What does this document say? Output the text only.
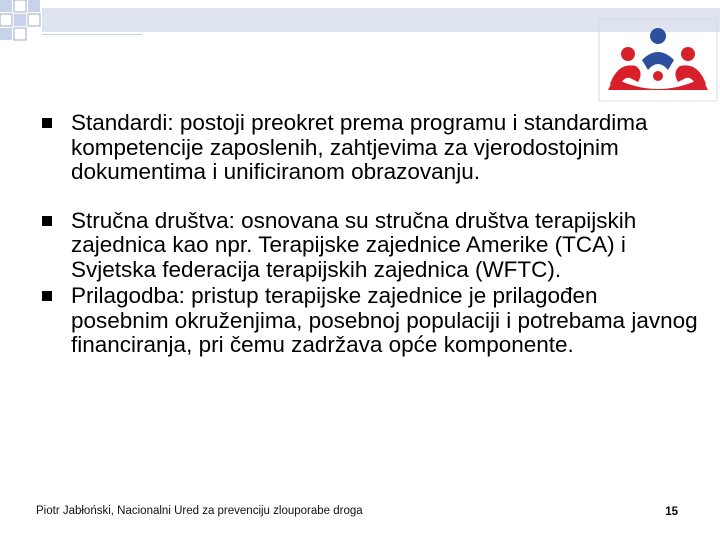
Standardi: postoji preokret prema programu i standardima kompetencije zaposlenih, zahtjevima za vjerodostojnim dokumentima i unificiranom obrazovanju.
Stručna društva: osnovana su stručna društva terapijskih zajednica kao npr. Terapijske zajednice Amerike (TCA) i Svjetska federacija terapijskih zajednica (WFTC).
Prilagodba: pristup terapijske zajednice je prilagođen posebnim okruženjima, posebnoj populaciji i potrebama javnog financiranja, pri čemu zadržava opće komponente.
Piotr Jabłoński, Nacionalni Ured za prevenciju zlouporabe droga	15
